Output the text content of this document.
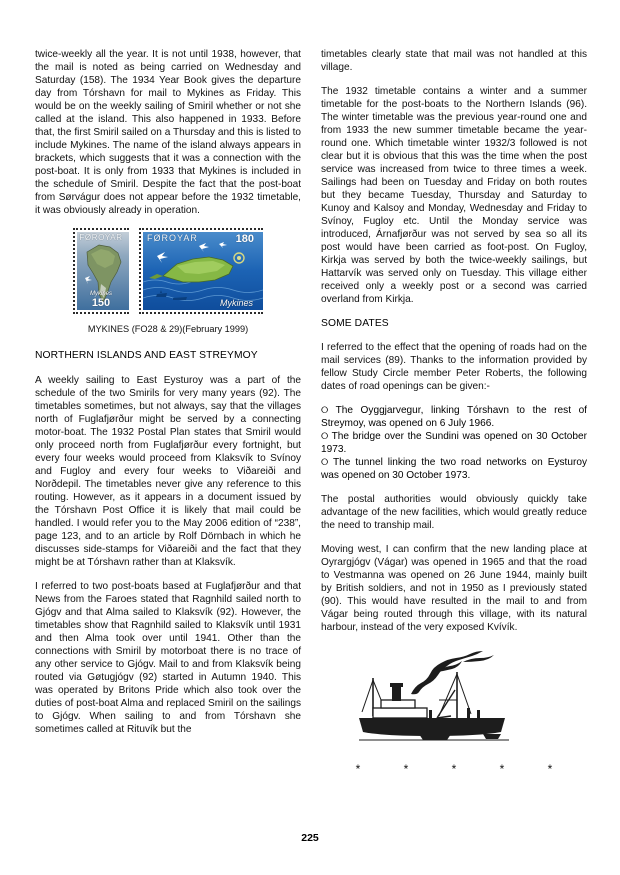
twice-weekly all the year. It is not until 1938, however, that the mail is noted as being carried on Wednesday and Saturday (158). The 1934 Year Book gives the departure day from Tórshavn for mail to Mykines as Friday. This would be on the weekly sailing of Smiril whether or not she called at the island. This also happened in 1933. Before that, the first Smiril sailed on a Thursday and this is listed to include Mykines. The name of the island always appears in brackets, which suggests that it was a connection with the post-boat. It is only from 1933 that Mykines is included in the schedule of Smiril. Despite the fact that the post-boat from Sørvágur does not appear before the 1932 timetable, it was obviously already in operation.

FØROYAR
Mykines
150
FØROYAR	180
Mykines
MYKINES (FO28 & 29)(February 1999)
NORTHERN ISLANDS AND EAST STREYMOY

A weekly sailing to East Eysturoy was a part of the schedule of the two Smirils for very many years (92). The timetables sometimes, but not always, say that the villages north of Fuglafjørður might be served by a connecting motor-boat. The 1932 Postal Plan states that Smiril would only proceed north from Fuglafjørður every fortnight, but every four weeks would proceed from Klaksvík to Svínoy and Fugloy and every four weeks to Viðareiði and Norðdepil. The timetables never give any reference to this routing. However, as it appears in a document issued by the Tórshavn Post Office it is likely that mail could be handled. I would refer you to the May 2006 edition of “238”, page 123, and to an article by Rolf Dörnbach in which he discusses side-stamps for Viðareiði and the fact that they might be at Tórshavn rather than at Klaksvík.

I referred to two post-boats based at Fuglafjørður and that News from the Faroes stated that Ragnhild sailed north to Gjógv and that Alma sailed to Klaksvík (92). However, the timetables show that Ragnhild sailed to Klaksvík until 1931 and then Alma took over until 1941. Other than the connections with Smiril by motorboat there is no trace of any other service to Gjógv. Mail to and from Klaksvík being routed via Gøtugjógv (92) started in Autumn 1940. This was operated by Britons Pride which also took over the duties of post-boat Alma and replaced Smiril on the sailings to Gjógv. When sailing to and from Tórshavn she sometimes called at Rituvík but the

timetables clearly state that mail was not handled at this village.

The 1932 timetable contains a winter and a summer timetable for the post-boats to the Northern Islands (96). The winter timetable was the previous year-round one and from 1933 the new summer timetable became the year-round one. Which timetable winter 1932/3 followed is not clear but it is obvious that this was the time when the post service was increased from twice to three times a week. Sailings had been on Tuesday and Friday on both routes but they became Tuesday, Thursday and Saturday to Kunoy and Kalsoy and Monday, Wednesday and Friday to Svínoy, Fugloy etc. Until the Monday service was introduced, Árnafjørður was not served by sea so all its post would have been carried as foot-post. On Fugloy, Kirkja was served by both the twice-weekly sailings, but Hattarvík was served only on Tuesday. This village either received only a weekly post or a second was carried overland from Kirkja.

SOME DATES

I referred to the effect that the opening of roads had on the mail services (89). Thanks to the information provided by fellow Study Circle member Peter Roberts, the following dates of road openings can be given:-

⭘ The Oyggjarvegur, linking Tórshavn to the rest of Streymoy, was opened on 6 July 1966.
⭘ The bridge over the Sundini was opened on 30 October 1973.
⭘ The tunnel linking the two road networks on Eysturoy was opened on 30 October 1973.

The postal authorities would obviously quickly take advantage of the new facilities, which would greatly reduce the need to tranship mail.

Moving west, I can confirm that the new landing place at Oyrargjógv (Vágar) was opened in 1965 and that the road to Vestmanna was opened on 26 June 1944, mainly built by British soldiers, and not in 1950 as I previously stated (90). This would have resulted in the mail to and from Vágar being routed through this village, with its natural harbour, instead of the very exposed Kvívík.

* * * * *
225
